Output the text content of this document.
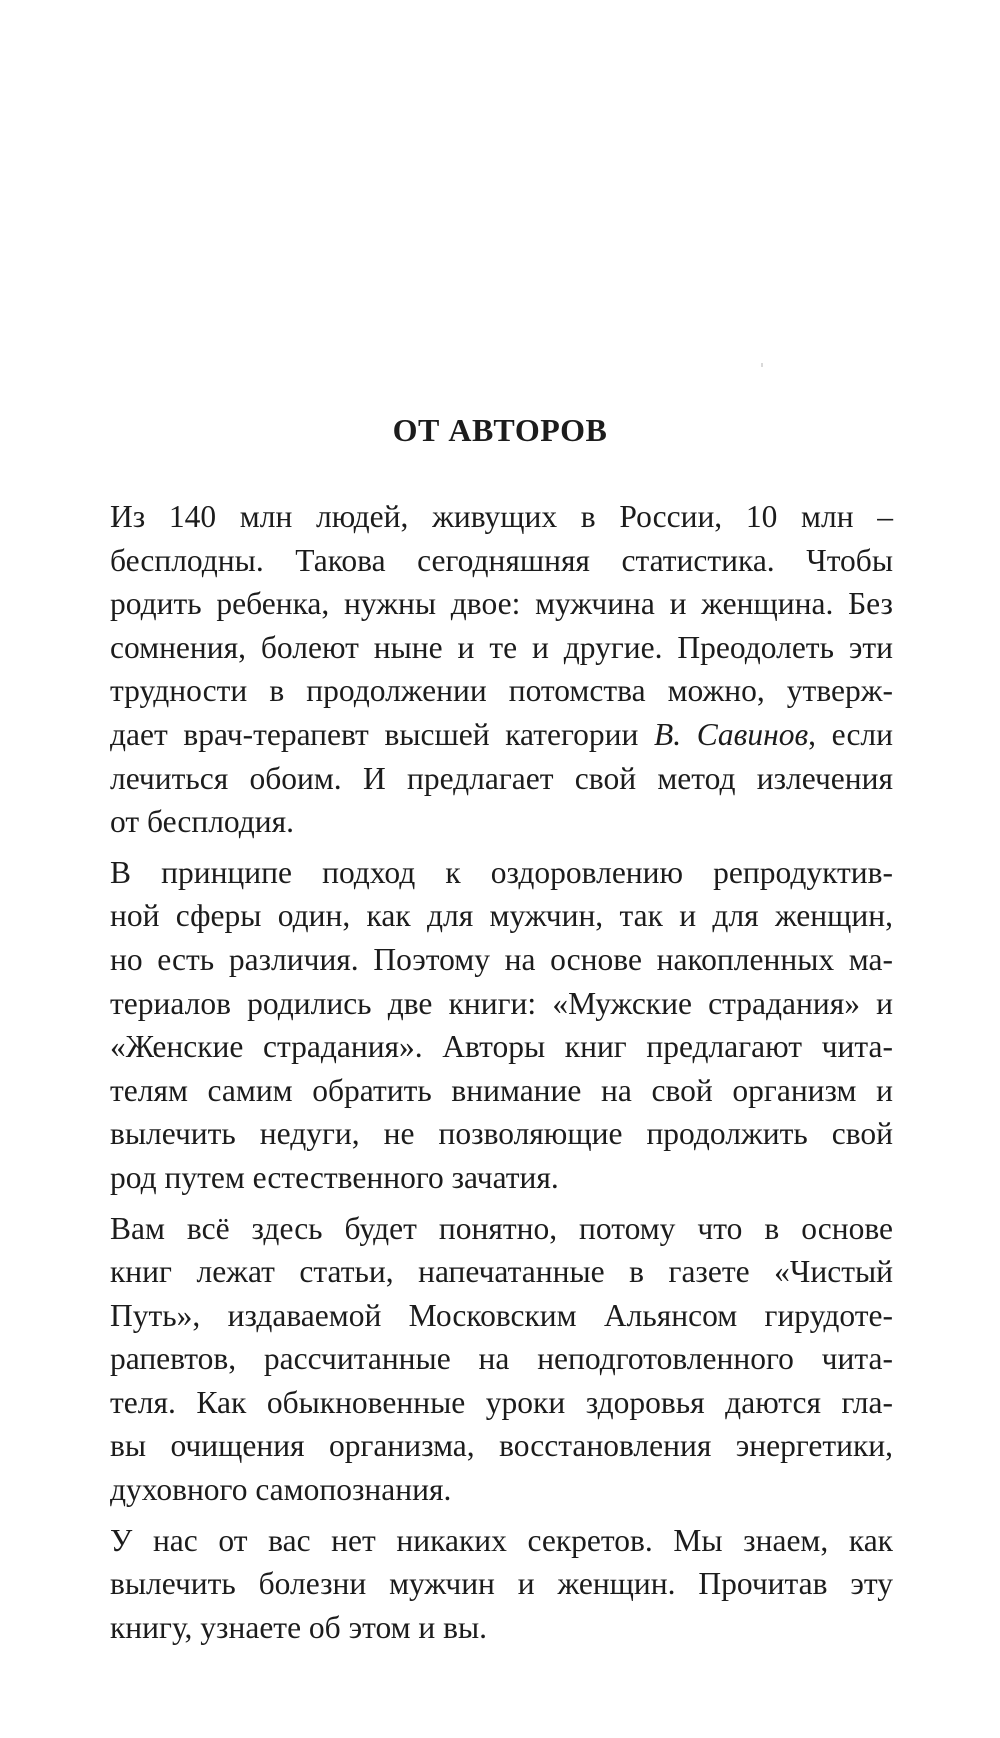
ОТ АВТОРОВ
Из 140 млн людей, живущих в России, 10 млн –
бесплодны. Такова сегодняшняя статистика. Чтобы
родить ребенка, нужны двое: мужчина и женщина. Без
сомнения, болеют ныне и те и другие. Преодолеть эти
трудности в продолжении потомства можно, утверж-
дает врач-терапевт высшей категории В. Савинов, если
лечиться обоим. И предлагает свой метод излечения
от бесплодия.
В принципе подход к оздоровлению репродуктив-
ной сферы один, как для мужчин, так и для женщин,
но есть различия. Поэтому на основе накопленных ма-
териалов родились две книги: «Мужские страдания» и
«Женские страдания». Авторы книг предлагают чита-
телям самим обратить внимание на свой организм и
вылечить недуги, не позволяющие продолжить свой
род путем естественного зачатия.
Вам всё здесь будет понятно, потому что в основе
книг лежат статьи, напечатанные в газете «Чистый
Путь», издаваемой Московским Альянсом гирудоте-
рапевтов, рассчитанные на неподготовленного чита-
теля. Как обыкновенные уроки здоровья даются гла-
вы очищения организма, восстановления энергетики,
духовного самопознания.
У нас от вас нет никаких секретов. Мы знаем, как
вылечить болезни мужчин и женщин. Прочитав эту
книгу, узнаете об этом и вы.
